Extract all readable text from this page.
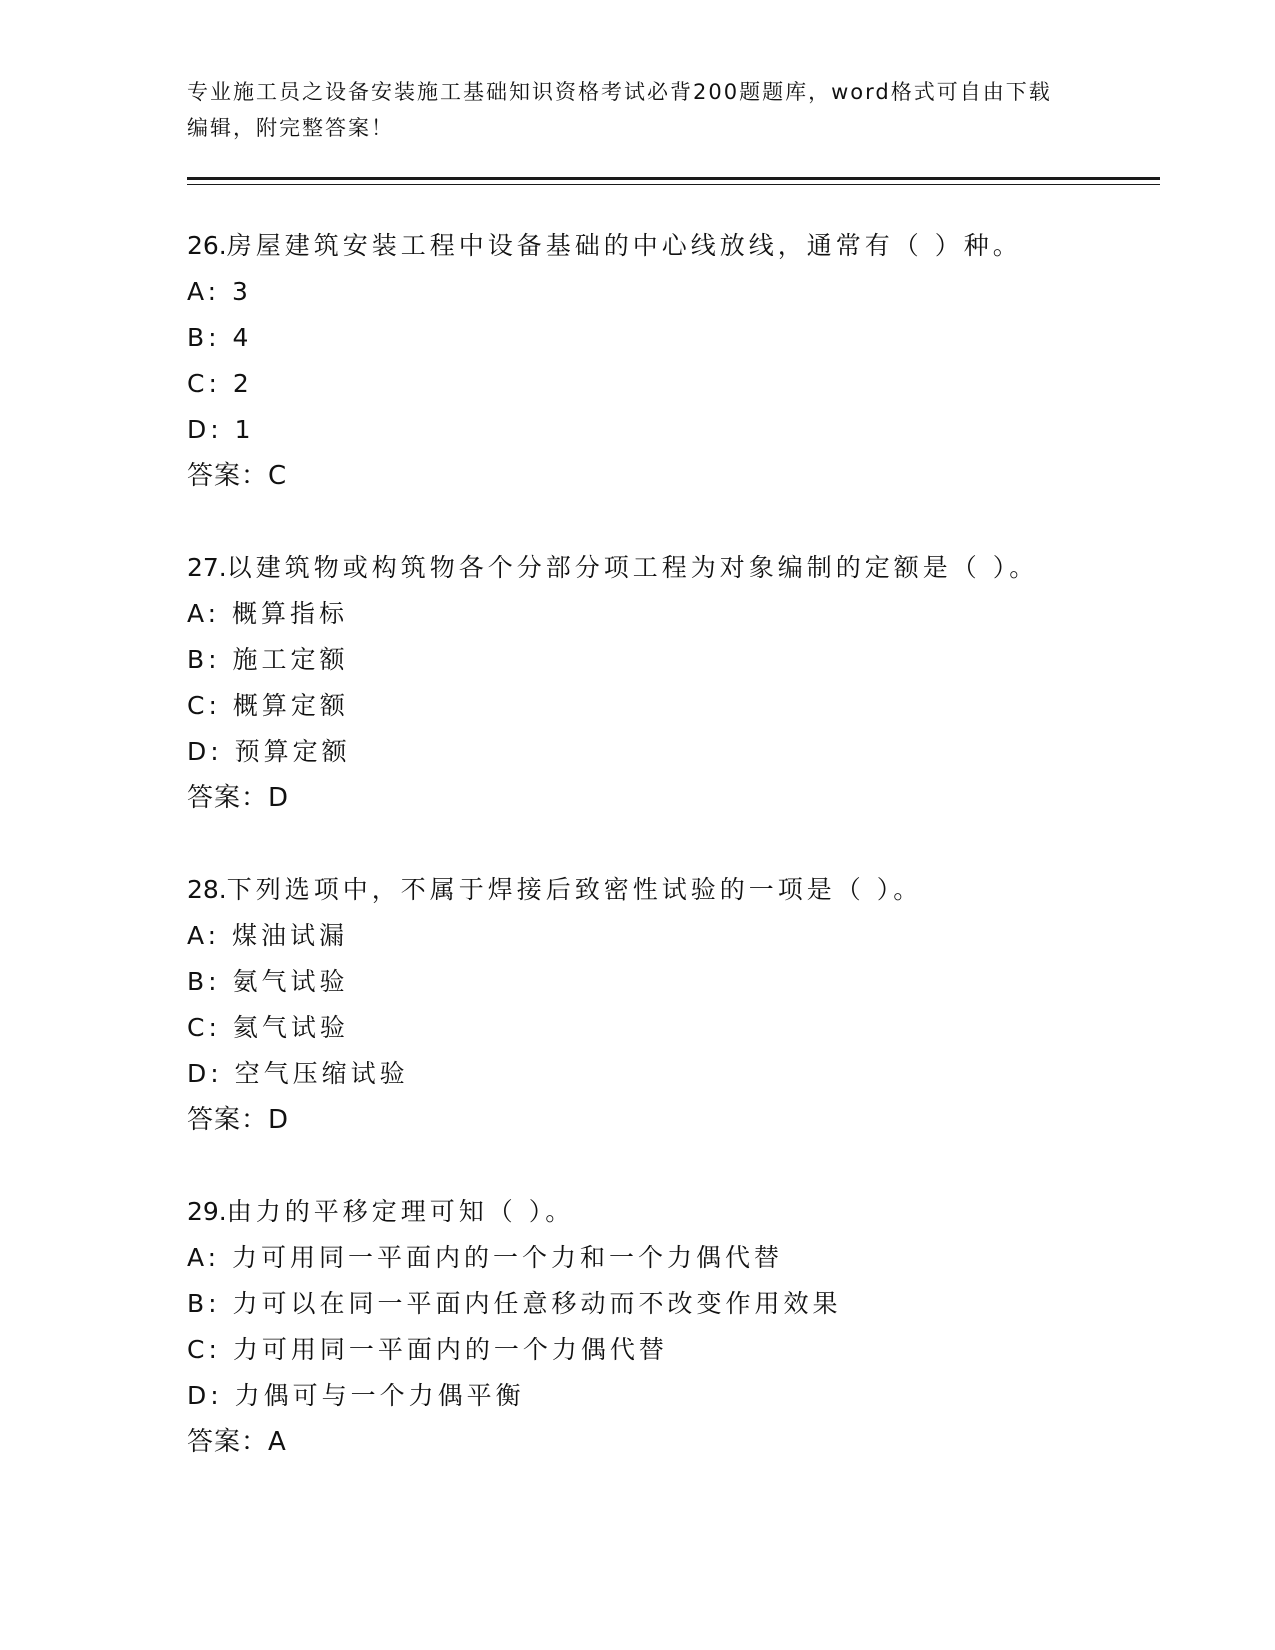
专业施工员之设备安装施工基础知识资格考试必背200题题库，word格式可自由下载编辑，附完整答案！
26.房屋建筑安装工程中设备基础的中心线放线，通常有（ ）种。
A: 3
B: 4
C: 2
D: 1
答案：C
27.以建筑物或构筑物各个分部分项工程为对象编制的定额是（ ）。
A: 概算指标
B: 施工定额
C: 概算定额
D: 预算定额
答案：D
28.下列选项中，不属于焊接后致密性试验的一项是（ ）。
A: 煤油试漏
B: 氨气试验
C: 氦气试验
D: 空气压缩试验
答案：D
29.由力的平移定理可知（ ）。
A: 力可用同一平面内的一个力和一个力偶代替
B: 力可以在同一平面内任意移动而不改变作用效果
C: 力可用同一平面内的一个力偶代替
D: 力偶可与一个力偶平衡
答案：A
